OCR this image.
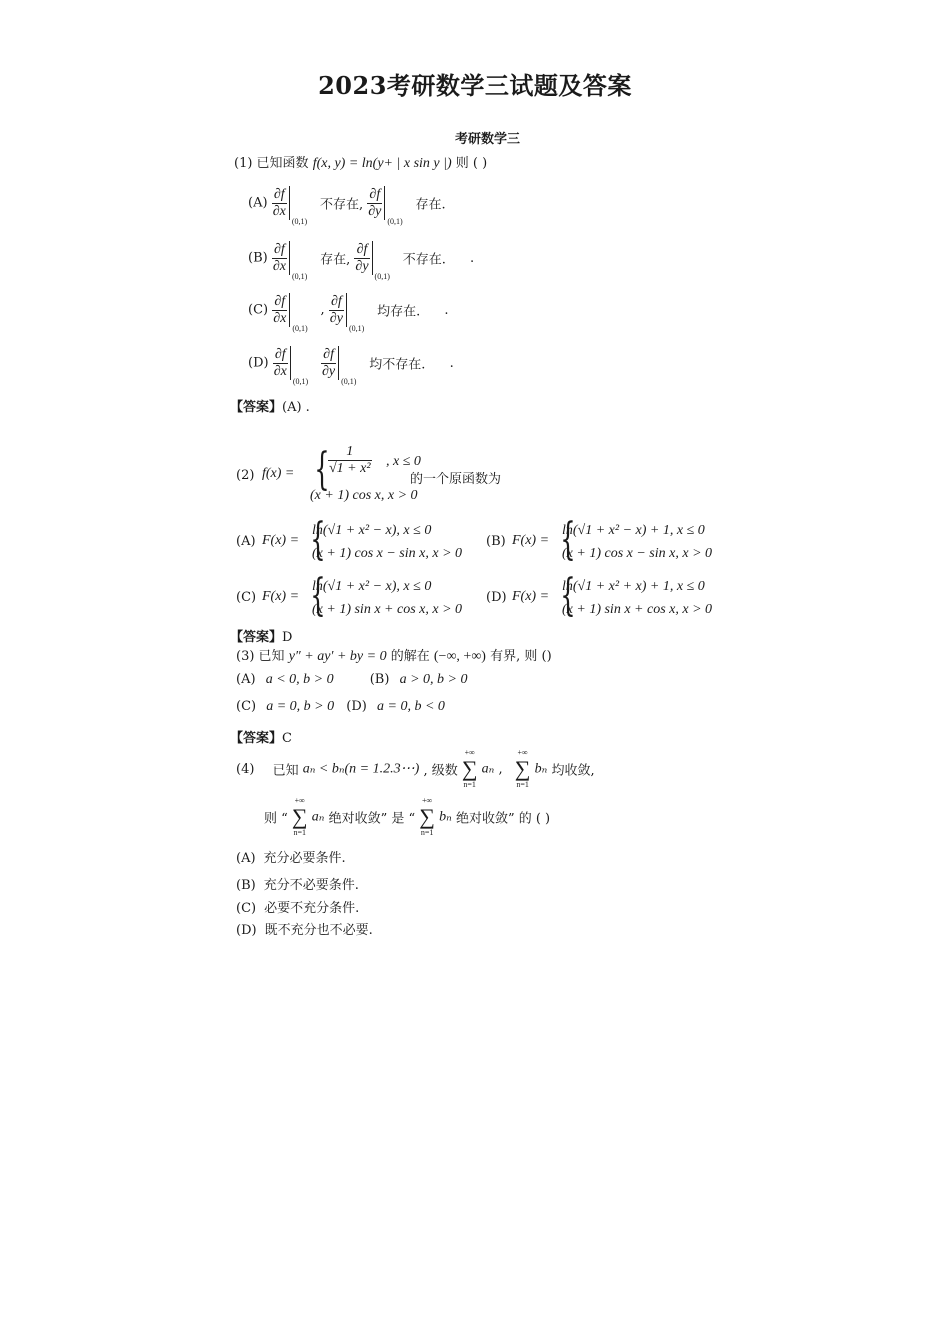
2023考研数学三试题及答案
考研数学三
(1) 已知函数 f(x, y) = ln(y+ | x sin y |) 则 ( )
$(A) \frac{\partial f}{\partial x}$
(0,1)
不存在, $\frac{\partial f}{\partial y}$
(0,1)
存在.
$(B) \frac{\partial f}{\partial x}$
(0,1)
存在, $\frac{\partial f}{\partial y}$
(0,1)
不存在. .
$(C) \frac{\partial f}{\partial x}$
(0,1)
, $\frac{\partial f}{\partial y}$
(0,1)
均存在. .
$(D) \frac{\partial f}{\partial x}$
(0,1)

$\frac{\partial f}{\partial y}$
(0,1)
均不存在. .
【答案】(A) .
(2) f(x) = {
$\frac{1}{\text{√1 + x²}}$ , x ≤ 0
(x + 1) cos x, x > 0
的一个原函数为
(A) F(x) = {
ln(√1 + x² − x), x ≤ 0
(x + 1) cos x − sin x, x > 0
(B) F(x) = {
ln(√1 + x² − x) + 1, x ≤ 0
(x + 1) cos x − sin x, x > 0
(C) F(x) = {
ln(√1 + x² − x), x ≤ 0
(x + 1) sin x + cos x, x > 0
(D) F(x) = {
ln(√1 + x² + x) + 1, x ≤ 0
(x + 1) sin x + cos x, x > 0
【答案】D
(3) 已知 y″ + ay′ + by = 0 的解在 (−∞, +∞) 有界, 则 ()
(A) a < 0, b > 0	(B) a > 0, b > 0
(C) a = 0, b > 0 (D) a = 0, b < 0
【答案】C
(4) 已知 aₙ < bₙ(n = 1.2.3⋯) , 级数
+∞
∑
n=1
aₙ ,
+∞
∑
n=1
bₙ 均收敛,
则 “
+∞
∑
n=1
aₙ 绝对收敛” 是 “
+∞
∑
n=1
bₙ 绝对收敛” 的 ( )
(A) 充分必要条件.
(B) 充分不必要条件.
(C) 必要不充分条件.
(D) 既不充分也不必要.
